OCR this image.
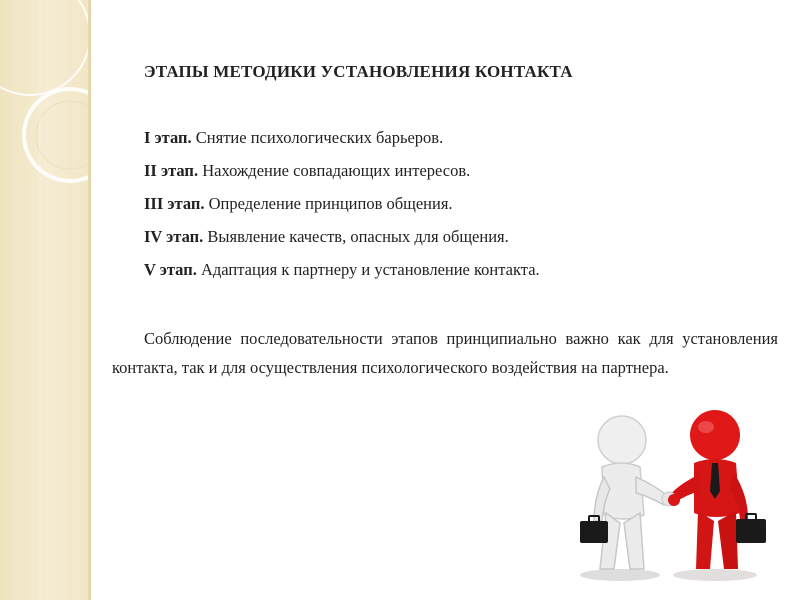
ЭТАПЫ МЕТОДИКИ УСТАНОВЛЕНИЯ КОНТАКТА
I этап. Снятие психологических барьеров.
II этап. Нахождение совпадающих интересов.
III этап. Определение принципов общения.
IV этап. Выявление качеств, опасных для общения.
V этап. Адаптация к партнеру и установление контакта.

Соблюдение последовательности этапов принципиально важно как для установления контакта, так и для осуществления психологического воздействия на партнера.
